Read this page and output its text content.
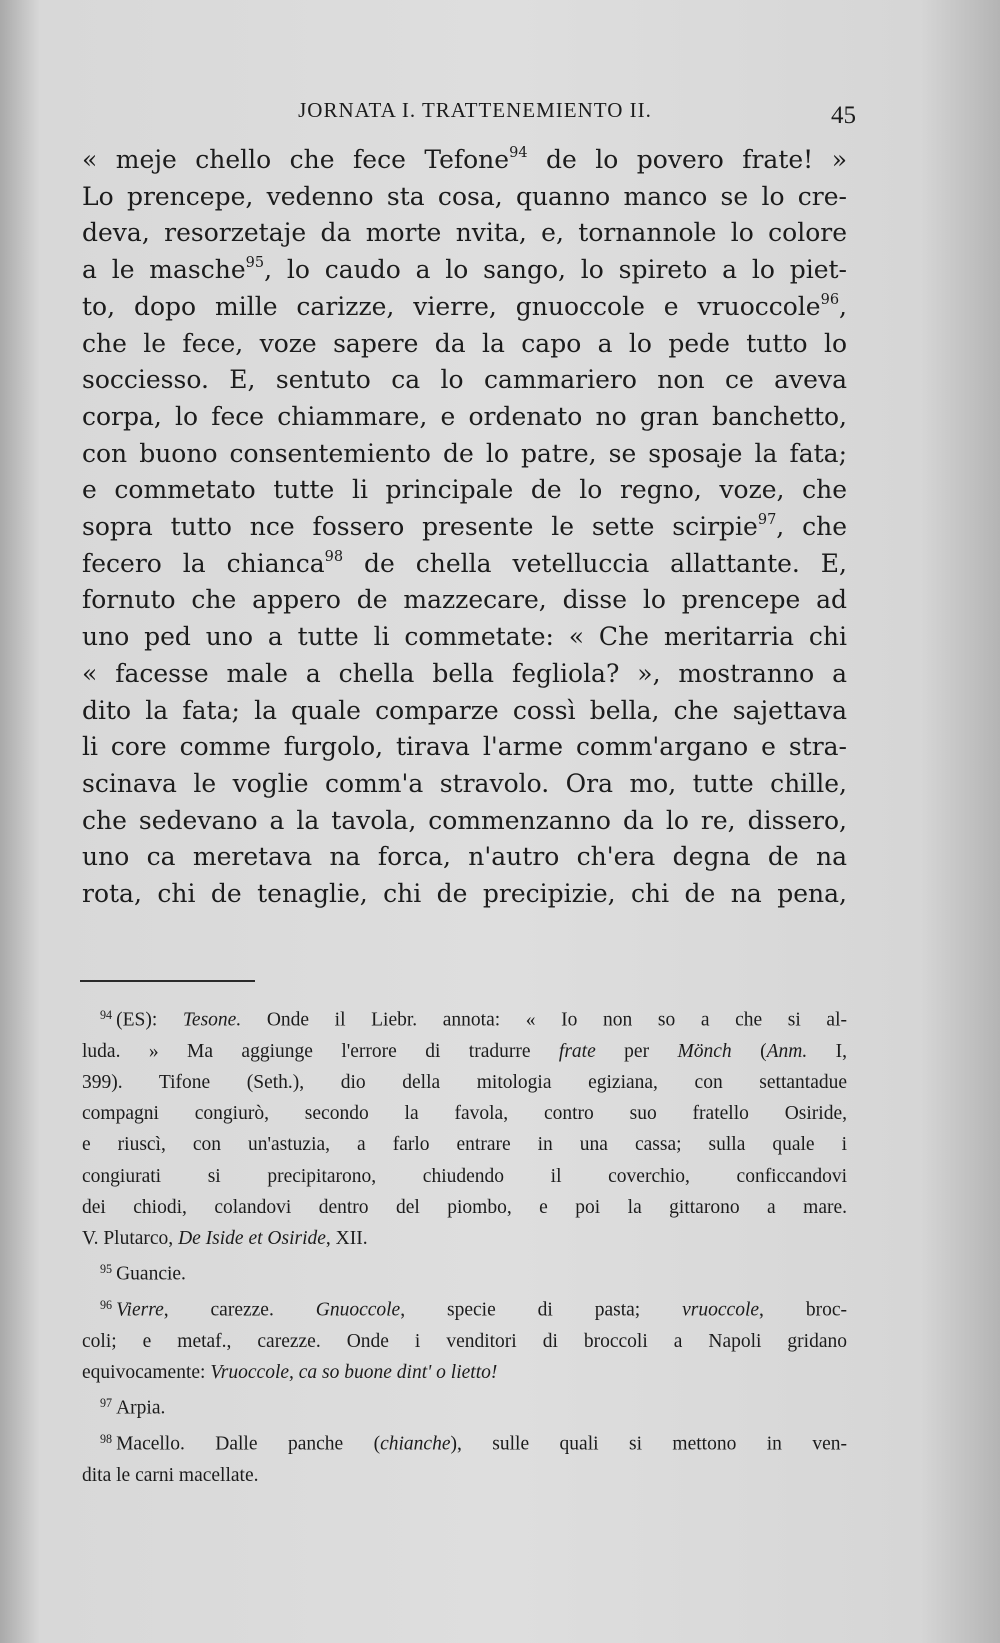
JORNATA I. TRATTENEMIENTO II.	45
« meje chello che fece Tefone$^{94}$ de lo povero frate! »
Lo prencepe, vedenno sta cosa, quanno manco se lo cre-
deva, resorzetaje da morte nvita, e, tornannole lo colore
a le masche$^{95}$, lo caudo a lo sango, lo spireto a lo piet-
to, dopo mille carizze, vierre, gnuoccole e vruoccole$^{96}$,
che le fece, voze sapere da la capo a lo pede tutto lo
socciesso. E, sentuto ca lo cammariero non ce aveva
corpa, lo fece chiammare, e ordenato no gran banchetto,
con buono consentemiento de lo patre, se sposaje la fata;
e commetato tutte li principale de lo regno, voze, che
sopra tutto nce fossero presente le sette scirpie$^{97}$, che
fecero la chianca$^{98}$ de chella vetelluccia allattante. E,
fornuto che appero de mazzecare, disse lo prencepe ad
uno ped uno a tutte li commetate: « Che meritarria chi
« facesse male a chella bella fegliola? », mostranno a
dito la fata; la quale comparze cossì bella, che sajettava
li core comme furgolo, tirava l'arme comm'argano e stra-
scinava le voglie comm'a stravolo. Ora mo, tutte chille,
che sedevano a la tavola, commenzanno da lo re, dissero,
uno ca meretava na forca, n'autro ch'era degna de na
rota, chi de tenaglie, chi de precipizie, chi de na pena,
$^{94}$ (ES): Tesone. Onde il Liebr. annota: « Io non so a che si al-
luda. » Ma aggiunge l'errore di tradurre frate per Mönch (Anm. I,
399). Tifone (Seth.), dio della mitologia egiziana, con settantadue
compagni congiurò, secondo la favola, contro suo fratello Osiride,
e riuscì, con un'astuzia, a farlo entrare in una cassa; sulla quale i
congiurati si precipitarono, chiudendo il coverchio, conficcandovi
dei chiodi, colandovi dentro del piombo, e poi la gittarono a mare.
V. Plutarco, De Iside et Osiride, XII.
$^{95}$ Guancie.
$^{96}$ Vierre, carezze. Gnuoccole, specie di pasta; vruoccole, broc-
coli; e metaf., carezze. Onde i venditori di broccoli a Napoli gridano
equivocamente: Vruoccole, ca so buone dint' o lietto!
$^{97}$ Arpia.
$^{98}$ Macello. Dalle panche (chianche), sulle quali si mettono in ven-
dita le carni macellate.
